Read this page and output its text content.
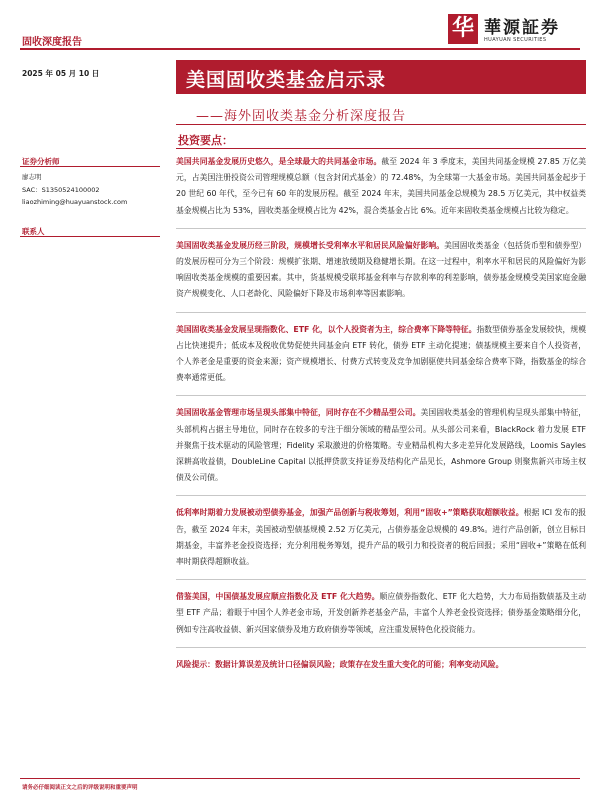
固收深度报告
华 華源証券
HUAYUAN SECURITIES
2025 年 05 月 10 日	美国固收类基金启示录
——海外固收类基金分析深度报告
投资要点：
证券分析师
廖志明
SAC：S1350524100002
liaozhiming@huayuanstock.com
联系人
美国共同基金发展历史悠久，是全球最大的共同基金市场。截至 2024 年 3 季度末，美国共同基金规模 27.85 万亿美元，占美国注册投资公司管理规模总额（包含封闭式基金）的 72.48%，为全球第一大基金市场。美国共同基金起步于 20 世纪 60 年代，至今已有 60 年的发展历程。截至 2024 年末，美国共同基金总规模为 28.5 万亿美元，其中权益类基金规模占比为 53%，固收类基金规模占比为 42%，混合类基金占比 6%。近年来固收类基金规模占比较为稳定。
美国固收类基金发展历经三阶段，规模增长受利率水平和居民风险偏好影响。美国固收类基金（包括货币型和债券型）的发展历程可分为三个阶段：规模扩张期、增速放缓期及稳健增长期。在这一过程中，利率水平和居民的风险偏好为影响固收类基金规模的重要因素。其中，货基规模受联邦基金利率与存款利率的利差影响，债券基金规模受美国家庭金融资产规模变化、人口老龄化、风险偏好下降及市场利率等因素影响。
美国固收类基金发展呈现指数化、ETF 化，以个人投资者为主，综合费率下降等特征。指数型债券基金发展较快，规模占比快速提升；低成本及税收优势促使共同基金向 ETF 转化，债券 ETF 主动化提速；债基规模主要来自个人投资者，个人养老金是重要的资金来源；资产规模增长、付费方式转变及竞争加剧驱使共同基金综合费率下降，指数基金的综合费率通常更低。
美国固收基金管理市场呈现头部集中特征，同时存在不少精品型公司。美国固收类基金的管理机构呈现头部集中特征，头部机构占据主导地位，同时存在较多的专注于细分领域的精品型公司。从头部公司来看，BlackRock 着力发展 ETF 并聚焦于技术驱动的风险管理；Fidelity 采取激进的价格策略。专业精品机构大多走差异化发展路线，Loomis Sayles 深耕高收益债，DoubleLine Capital 以抵押贷款支持证券及结构化产品见长，Ashmore Group 则聚焦新兴市场主权债及公司债。
低利率时期着力发展被动型债券基金，加强产品创新与税收筹划，利用“固收+”策略获取超额收益。根据 ICI 发布的报告，截至 2024 年末，美国被动型债基规模 2.52 万亿美元，占债券基金总规模的 49.8%。进行产品创新，创立目标日期基金，丰富养老金投资选择；充分利用税务筹划，提升产品的吸引力和投资者的税后回报；采用“固收+”策略在低利率时期获得超额收益。
借鉴美国，中国债基发展应顺应指数化及 ETF 化大趋势。顺应债券指数化、ETF 化大趋势，大力布局指数债基及主动型 ETF 产品；着眼于中国个人养老金市场，开发创新养老基金产品，丰富个人养老金投资选择；债券基金策略细分化，例如专注高收益债、新兴国家债券及地方政府债券等领域，应注重发展特色化投资能力。
风险提示：数据计算误差及统计口径偏误风险；政策存在发生重大变化的可能；利率变动风险。
请务必仔细阅读正文之后的评级说明和重要声明
